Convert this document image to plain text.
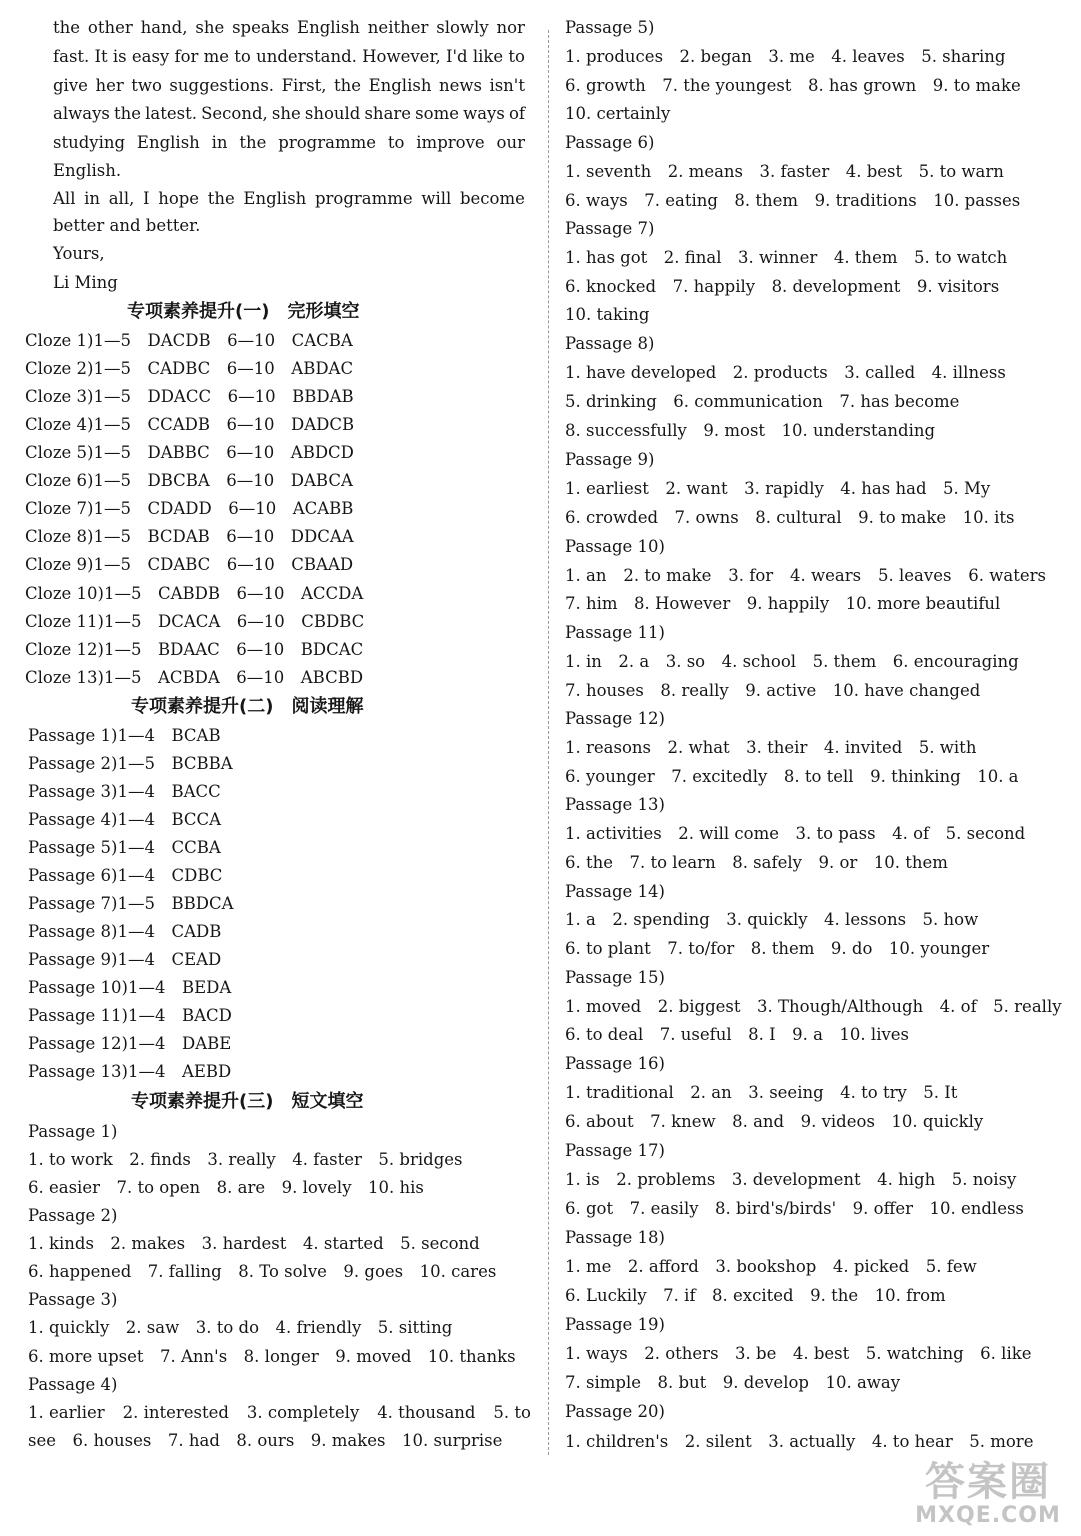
the other hand, she speaks English neither slowly nor
fast. It is easy for me to understand. However, I'd like to
give her two suggestions. First, the English news isn't
always the latest. Second, she should share some ways of
studying English in the programme to improve our
English.
All in all, I hope the English programme will become
better and better.
Yours,
Li Ming
专项素养提升(一)　完形填空
Cloze 1)1—5　DACDB　6—10　CACBA
Cloze 2)1—5　CADBC　6—10　ABDAC
Cloze 3)1—5　DDACC　6—10　BBDAB
Cloze 4)1—5　CCADB　6—10　DADCB
Cloze 5)1—5　DABBC　6—10　ABDCD
Cloze 6)1—5　DBCBA　6—10　DABCA
Cloze 7)1—5　CDADD　6—10　ACABB
Cloze 8)1—5　BCDAB　6—10　DDCAA
Cloze 9)1—5　CDABC　6—10　CBAAD
Cloze 10)1—5　CABDB　6—10　ACCDA
Cloze 11)1—5　DCACA　6—10　CBDBC
Cloze 12)1—5　BDAAC　6—10　BDCAC
Cloze 13)1—5　ACBDA　6—10　ABCBD
专项素养提升(二)　阅读理解
Passage 1)1—4　BCAB
Passage 2)1—5　BCBBA
Passage 3)1—4　BACC
Passage 4)1—4　BCCA
Passage 5)1—4　CCBA
Passage 6)1—4　CDBC
Passage 7)1—5　BBDCA
Passage 8)1—4　CADB
Passage 9)1—4　CEAD
Passage 10)1—4　BEDA
Passage 11)1—4　BACD
Passage 12)1—4　DABE
Passage 13)1—4　AEBD
专项素养提升(三)　短文填空
Passage 1)
1. to work　2. finds　3. really　4. faster　5. bridges
6. easier　7. to open　8. are　9. lovely　10. his
Passage 2)
1. kinds　2. makes　3. hardest　4. started　5. second
6. happened　7. falling　8. To solve　9. goes　10. cares
Passage 3)
1. quickly　2. saw　3. to do　4. friendly　5. sitting
6. more upset　7. Ann's　8. longer　9. moved　10. thanks
Passage 4)
1. earlier 2. interested 3. completely 4. thousand 5. to
see　6. houses　7. had　8. ours　9. makes　10. surprise
Passage 5)
1. produces　2. began　3. me　4. leaves　5. sharing
6. growth　7. the youngest　8. has grown　9. to make
10. certainly
Passage 6)
1. seventh　2. means　3. faster　4. best　5. to warn
6. ways　7. eating　8. them　9. traditions　10. passes
Passage 7)
1. has got　2. final　3. winner　4. them　5. to watch
6. knocked　7. happily　8. development　9. visitors
10. taking
Passage 8)
1. have developed　2. products　3. called　4. illness
5. drinking　6. communication　7. has become
8. successfully　9. most　10. understanding
Passage 9)
1. earliest　2. want　3. rapidly　4. has had　5. My
6. crowded　7. owns　8. cultural　9. to make　10. its
Passage 10)
1. an 2. to make 3. for 4. wears 5. leaves 6. waters
7. him　8. However　9. happily　10. more beautiful
Passage 11)
1. in　2. a　3. so　4. school　5. them　6. encouraging
7. houses　8. really　9. active　10. have changed
Passage 12)
1. reasons　2. what　3. their　4. invited　5. with
6. younger　7. excitedly　8. to tell　9. thinking　10. a
Passage 13)
1. activities　2. will come　3. to pass　4. of　5. second
6. the　7. to learn　8. safely　9. or　10. them
Passage 14)
1. a　2. spending　3. quickly　4. lessons　5. how
6. to plant　7. to/for　8. them　9. do　10. younger
Passage 15)
1. moved　2. biggest　3. Though/Although　4. of　5. really
6. to deal　7. useful　8. I　9. a　10. lives
Passage 16)
1. traditional　2. an　3. seeing　4. to try　5. It
6. about　7. knew　8. and　9. videos　10. quickly
Passage 17)
1. is　2. problems　3. development　4. high　5. noisy
6. got　7. easily　8. bird's/birds'　9. offer　10. endless
Passage 18)
1. me　2. afford　3. bookshop　4. picked　5. few
6. Luckily　7. if　8. excited　9. the　10. from
Passage 19)
1. ways　2. others　3. be　4. best　5. watching　6. like
7. simple　8. but　9. develop　10. away
Passage 20)
1. children's　2. silent　3. actually　4. to hear　5. more
答案圈
MXQE.COM
